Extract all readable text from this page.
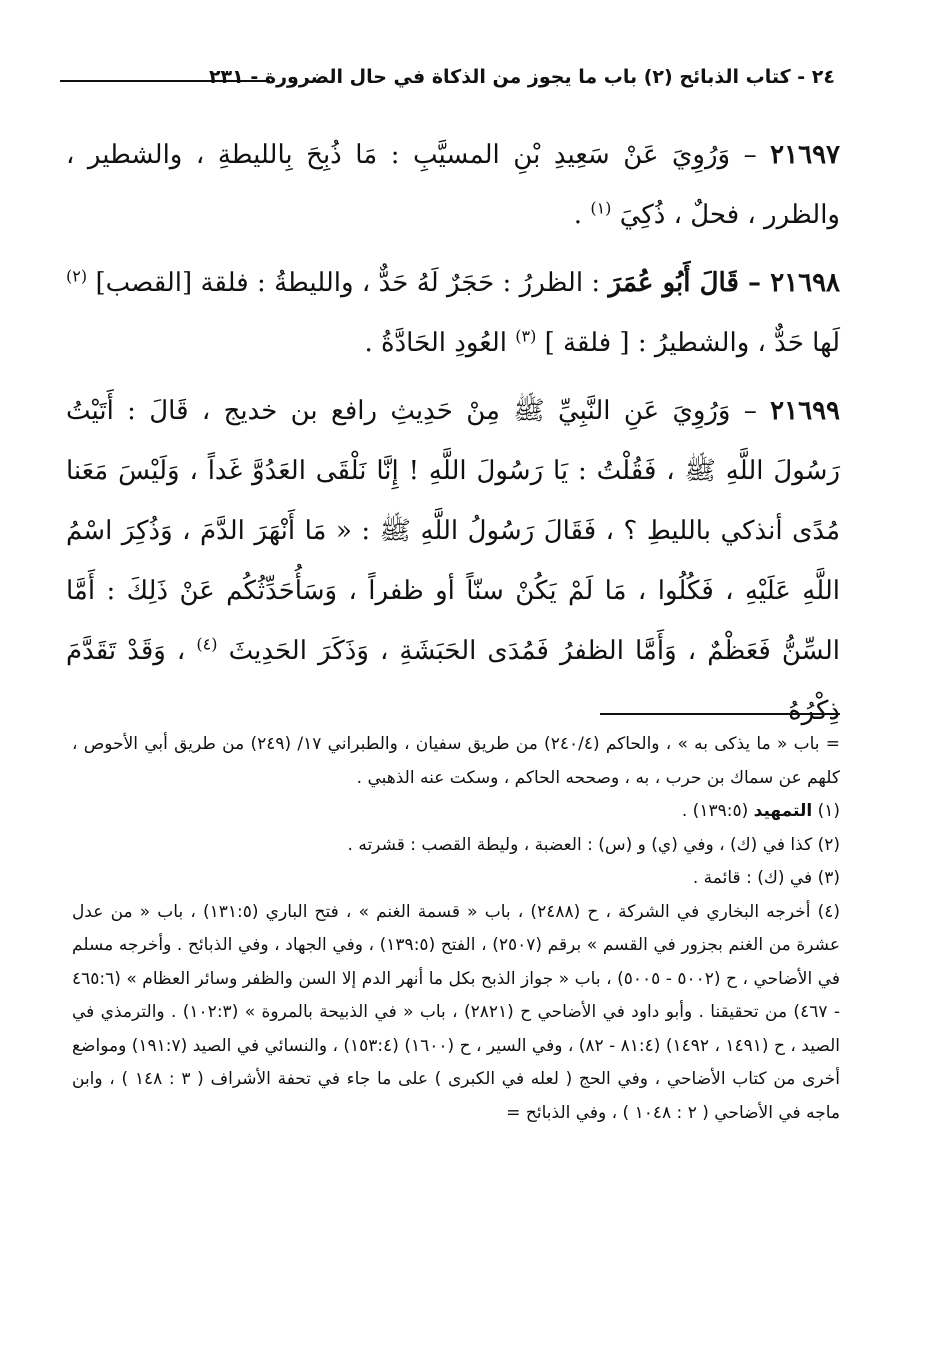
٢٤ - كتاب الذبائح (٢) باب ما يجوز من الذكاة في حال الضرورة - ٢٣١

٢١٦٩٧ – وَرُوِيَ عَنْ سَعِيدِ بْنِ المسيَّبِ : مَا ذُبِحَ بِالليطةِ ، والشطير ، والظرر ، فحلٌ ، ذُكِيَ $^{(١)}$ .

٢١٦٩٨ – قَالَ أَبُو عُمَرَ : الظررُ : حَجَرٌ لَهُ حَدٌّ ، والليطةُ : فلقة [القصب] $^{(٢)}$ لَها حَدٌّ ، والشطيرُ : [ فلقة ] $^{(٣)}$ العُودِ الحَادَّةُ .

٢١٦٩٩ – وَرُوِيَ عَنِ النَّبِيِّ ﷺ مِنْ حَدِيثِ رافع بن خديج ، قَالَ : أَتَيْتُ رَسُولَ اللَّهِ ﷺ ، فَقُلْتُ : يَا رَسُولَ اللَّهِ ! إِنَّا نَلْقَى العَدُوَّ غَداً ، وَلَيْسَ مَعَنا مُدًى أنذكي بالليطِ ؟ ، فَقَالَ رَسُولُ اللَّهِ ﷺ : « مَا أَنْهَرَ الدَّمَ ، وَذُكِرَ اسْمُ اللَّهِ عَلَيْهِ ، فَكُلُوا ، مَا لَمْ يَكُنْ سنّاً أو ظفراً ، وَسَأُحَدِّثُكُم عَنْ ذَلِكَ : أَمَّا السِّنُّ فَعَظْمٌ ، وَأَمَّا الظفرُ فَمُدَى الحَبَشَةِ ، وَذَكَرَ الحَدِيثَ $^{(٤)}$ ، وَقَدْ تَقَدَّمَ ذِكْرُهُ

= باب « ما يذكى به » ، والحاكم (٢٤٠/٤) من طريق سفيان ، والطبراني ١٧/ (٢٤٩) من طريق أبي الأحوص ، كلهم عن سماك بن حرب ، به ، وصححه الحاكم ، وسكت عنه الذهبي .

(١) التمهيد (١٣٩:٥) .

(٢) كذا في (ك) ، وفي (ي) و (س) : العضبة ، وليطة القصب : قشرته .

(٣) في (ك) : قائمة .

(٤) أخرجه البخاري في الشركة ، ح (٢٤٨٨) ، باب « قسمة الغنم » ، فتح الباري (١٣١:٥) ، باب « من عدل عشرة من الغنم بجزور في القسم » برقم (٢٥٠٧) ، الفتح (١٣٩:٥) ، وفي الجهاد ، وفي الذبائح . وأخرجه مسلم في الأضاحي ، ح (٥٠٠٢ - ٥٠٠٥) ، باب « جواز الذبح بكل ما أنهر الدم إلا السن والظفر وسائر العظام » (٤٦٥:٦ - ٤٦٧) من تحقيقنا . وأبو داود في الأضاحي ح (٢٨٢١) ، باب « في الذبيحة بالمروة » (١٠٢:٣) . والترمذي في الصيد ، ح (١٤٩١ ، ١٤٩٢) (٨١:٤ - ٨٢) ، وفي السير ، ح (١٦٠٠) (١٥٣:٤) ، والنسائي في الصيد (١٩١:٧) ومواضع أخرى من كتاب الأضاحي ، وفي الحج ( لعله في الكبرى ) على ما جاء في تحفة الأشراف ( ٣ : ١٤٨ ) ، وابن ماجه في الأضاحي ( ٢ : ١٠٤٨ ) ، وفي الذبائح =
